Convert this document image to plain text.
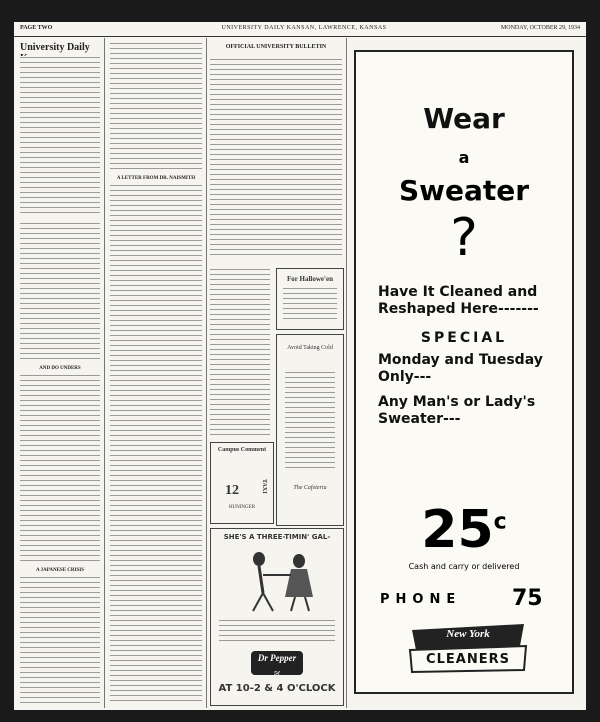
PAGE TWO	UNIVERSITY DAILY KANSAN, LAWRENCE, KANSAS	MONDAY, OCTOBER 29, 1934
University Daily
AND DO UNDERS
A JAPANESE CRISIS
A LETTER FROM DR. NAISMITH
OFFICIAL UNIVERSITY BULLETIN
For Hallowe'en
Avoid Taking Cold
The Cafeteria
Campus Comment
12	TAXI
HUNINGER
SHE'S A THREE-TIMIN' GAL-
Dr Pepper
5¢
AT 10-2 & 4 O'CLOCK
Wear
a
Sweater
?
Have It Cleaned and Reshaped Here-------
SPECIAL
Monday and Tuesday Only---
Any Man's or Lady's Sweater---
25$^c$
Cash and carry or delivered
PHONE 75
New York
CLEANERS
